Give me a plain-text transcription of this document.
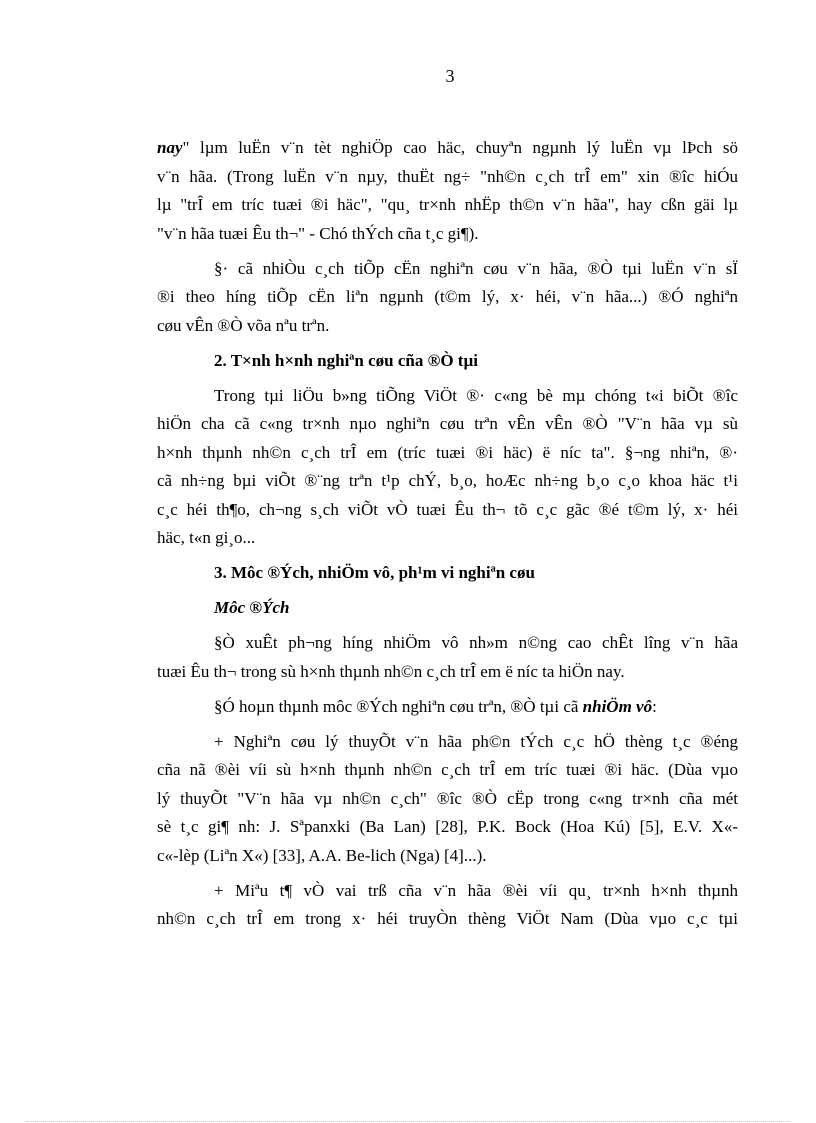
3
nay" lµm luËn v¨n tèt nghiÖp cao häc, chuyªn ngµnh lý luËn vµ lÞch sö
v¨n hãa. (Trong luËn v¨n nµy, thuËt ng÷ "nh©n c¸ch trÎ em" xin ®îc hiÓu
lµ "trÎ em tríc tuæi ®i häc", "qu¸ tr×nh nhËp th©n v¨n hãa", hay cßn gäi lµ
"v¨n hãa tuæi Êu th¬" - Chó thÝch cña t¸c gi¶).
§· cã nhiÒu c¸ch tiÕp cËn nghiªn cøu v¨n hãa, ®Ò tµi luËn v¨n sÏ
®i theo híng tiÕp cËn liªn ngµnh (t©m lý, x· héi, v¨n hãa...) ®Ó nghiªn
cøu vÊn ®Ò võa nªu trªn.
2. T×nh h×nh nghiªn cøu cña ®Ò tµi
Trong tµi liÖu b»ng tiÕng ViÖt ®· c«ng bè mµ chóng t«i biÕt ®îc
hiÖn cha cã c«ng tr×nh nµo nghiªn cøu trªn vÊn vÊn ®Ò "V¨n hãa vµ sù
h×nh thµnh nh©n c¸ch trÎ em (tríc tuæi ®i häc) ë níc ta". §¬ng nhiªn, ®·
cã nh÷ng bµi viÕt ®¨ng trªn t¹p chÝ, b¸o, hoÆc nh÷ng b¸o c¸o khoa häc t¹i
c¸c héi th¶o, ch¬ng s¸ch viÕt vÒ tuæi Êu th¬ tõ c¸c gãc ®é t©m lý, x· héi
häc, t«n gi¸o...
3. Môc ®Ých, nhiÖm vô, ph¹m vi nghiªn cøu
Môc ®Ých
§Ò xuÊt ph¬ng híng nhiÖm vô nh»m n©ng cao chÊt lîng v¨n hãa
tuæi Êu th¬ trong sù h×nh thµnh nh©n c¸ch trÎ em ë níc ta hiÖn nay.
§Ó hoµn thµnh môc ®Ých nghiªn cøu trªn, ®Ò tµi cã nhiÖm vô:
+ Nghiªn cøu lý thuyÕt v¨n hãa ph©n tÝch c¸c hÖ thèng t¸c ®éng
cña nã ®èi víi sù h×nh thµnh nh©n c¸ch trÎ em tríc tuæi ®i häc. (Dùa vµo
lý thuyÕt "V¨n hãa vµ nh©n c¸ch" ®îc ®Ò cËp trong c«ng tr×nh cña mét
sè t¸c gi¶ nh: J. Sªpanxki (Ba Lan) [28], P.K. Bock (Hoa Kú) [5], E.V. X«-
c«-lèp (Liªn X«) [33], A.A. Be-lich (Nga) [4]...).
+ Miªu t¶ vÒ vai trß cña v¨n hãa ®èi víi qu¸ tr×nh h×nh thµnh
nh©n c¸ch trÎ em trong x· héi truyÒn thèng ViÖt Nam (Dùa vµo c¸c tµi
